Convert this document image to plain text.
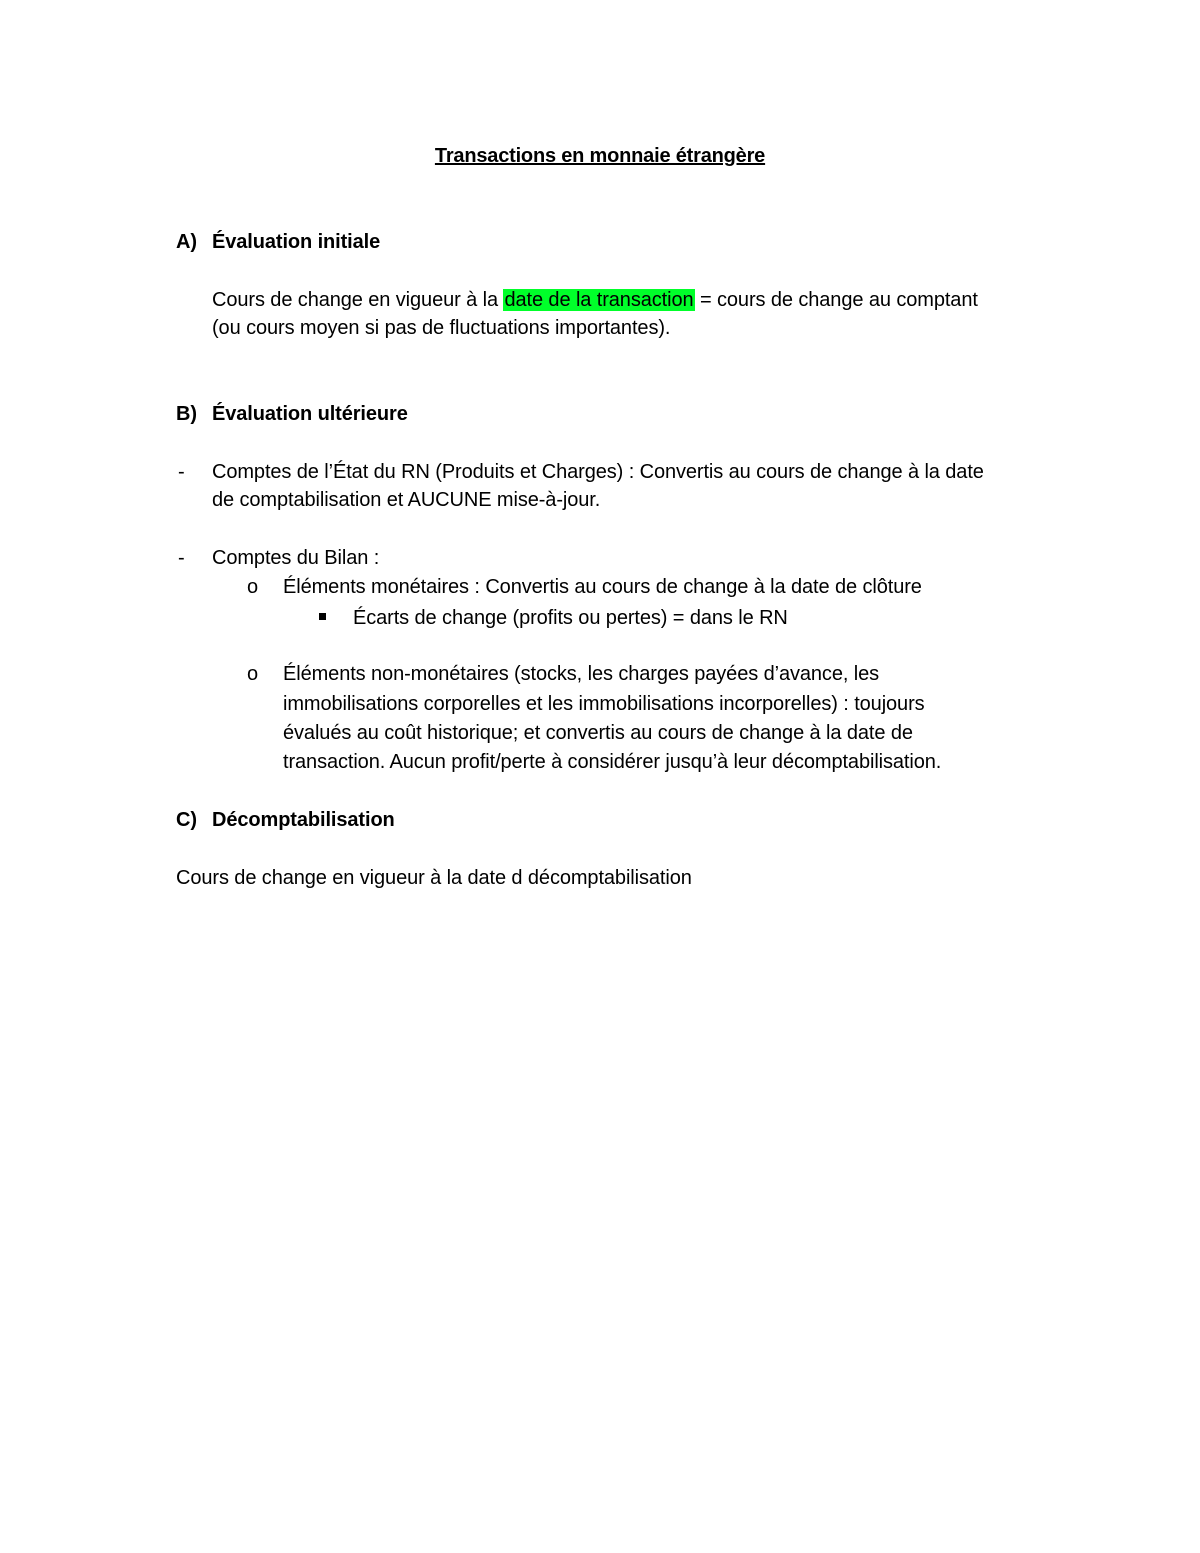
Transactions en monnaie étrangère
A) Évaluation initiale
Cours de change en vigueur à la date de la transaction = cours de change au comptant
(ou cours moyen si pas de fluctuations importantes).
B) Évaluation ultérieure
- Comptes de l’État du RN (Produits et Charges) : Convertis au cours de change à la date
de comptabilisation et AUCUNE mise-à-jour.
- Comptes du Bilan :
o Éléments monétaires : Convertis au cours de change à la date de clôture
Écarts de change (profits ou pertes) = dans le RN
o Éléments non-monétaires (stocks, les charges payées d’avance, les
immobilisations corporelles et les immobilisations incorporelles) : toujours
évalués au coût historique; et convertis au cours de change à la date de
transaction. Aucun profit/perte à considérer jusqu’à leur décomptabilisation.
C) Décomptabilisation
Cours de change en vigueur à la date d décomptabilisation
